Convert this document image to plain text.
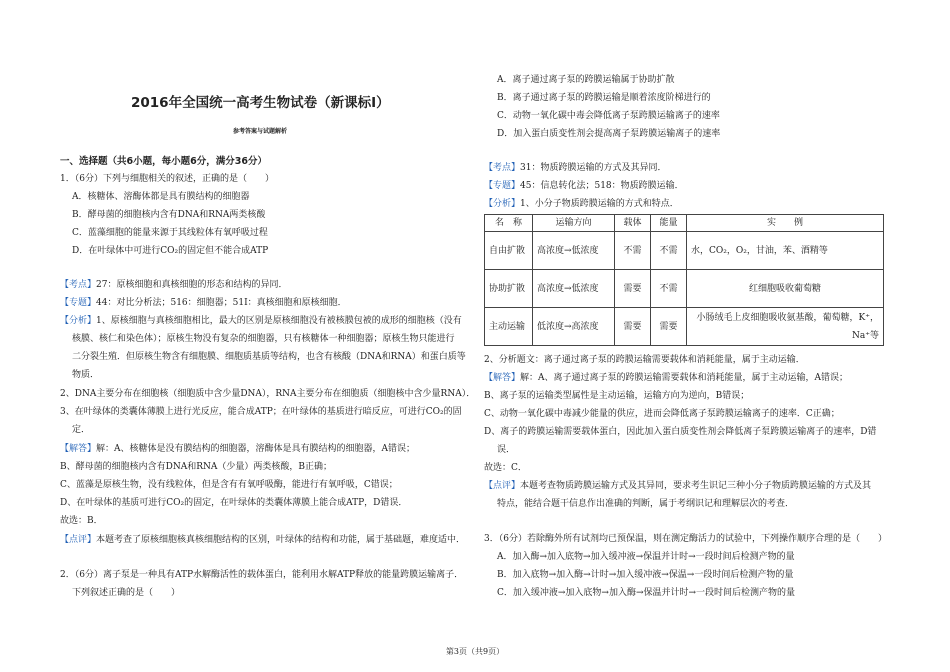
2016年全国统一高考生物试卷（新课标Ⅰ）
参考答案与试题解析
一、选择题（共6小题，每小题6分，满分36分）
1．（6分）下列与细胞相关的叙述，正确的是（　　）
A．核糖体、溶酶体都是具有膜结构的细胞器
B．酵母菌的细胞核内含有DNA和RNA两类核酸
C．蓝藻细胞的能量来源于其线粒体有氧呼吸过程
D．在叶绿体中可进行CO₂的固定但不能合成ATP
【考点】27：原核细胞和真核细胞的形态和结构的异同．
【专题】44：对比分析法；516：细胞器；51I：真核细胞和原核细胞．
【分析】1、原核细胞与真核细胞相比，最大的区别是原核细胞没有被核膜包被的成形的细胞核（没有
核膜、核仁和染色体）；原核生物没有复杂的细胞器，只有核糖体一种细胞器；原核生物只能进行
二分裂生殖．但原核生物含有细胞膜、细胞质基质等结构，也含有核酸（DNA和RNA）和蛋白质等
物质．
2、DNA主要分布在细胞核（细胞质中含少量DNA），RNA主要分布在细胞质（细胞核中含少量RNA）．
3、在叶绿体的类囊体薄膜上进行光反应，能合成ATP；在叶绿体的基质进行暗反应，可进行CO₂的固
定．
【解答】解：A、核糖体是没有膜结构的细胞器，溶酶体是具有膜结构的细胞器，A错误；
B、酵母菌的细胞核内含有DNA和RNA（少量）两类核酸，B正确；
C、蓝藻是原核生物，没有线粒体，但是含有有氧呼吸酶，能进行有氧呼吸，C错误；
D、在叶绿体的基质可进行CO₂的固定，在叶绿体的类囊体薄膜上能合成ATP，D错误．
故选：B．
【点评】本题考查了原核细胞核真核细胞结构的区别，叶绿体的结构和功能，属于基础题，难度适中．
2．（6分）离子泵是一种具有ATP水解酶活性的载体蛋白，能利用水解ATP释放的能量跨膜运输离子．
下列叙述正确的是（　　）
A．离子通过离子泵的跨膜运输属于协助扩散
B．离子通过离子泵的跨膜运输是顺着浓度阶梯进行的
C．动物一氧化碳中毒会降低离子泵跨膜运输离子的速率
D．加入蛋白质变性剂会提高离子泵跨膜运输离子的速率
【考点】31：物质跨膜运输的方式及其异同．
【专题】45：信息转化法；518：物质跨膜运输．
【分析】1、小分子物质跨膜运输的方式和特点．
名　称	运输方向	载体	能量	实　　例
自由扩散	高浓度→低浓度	不需	不需	水，CO₂，O₂，甘油，苯、酒精等
协助扩散	高浓度→低浓度	需要	不需	红细胞吸收葡萄糖
主动运输	低浓度→高浓度	需要	需要	小肠绒毛上皮细胞吸收氨基酸，葡萄糖，K⁺，Na⁺等
2、分析题文：离子通过离子泵的跨膜运输需要载体和消耗能量，属于主动运输．
【解答】解：A、离子通过离子泵的跨膜运输需要载体和消耗能量，属于主动运输，A错误；
B、离子泵的运输类型属性是主动运输，运输方向为逆向，B错误；
C、动物一氧化碳中毒减少能量的供应，进而会降低离子泵跨膜运输离子的速率．C正确；
D、离子的跨膜运输需要载体蛋白，因此加入蛋白质变性剂会降低离子泵跨膜运输离子的速率，D错
误．
故选：C．
【点评】本题考查物质跨膜运输方式及其异同，要求考生识记三种小分子物质跨膜运输的方式及其
特点，能结合题干信息作出准确的判断，属于考纲识记和理解层次的考查．
3．（6分）若除酶外所有试剂均已预保温，则在测定酶活力的试验中，下列操作顺序合理的是（　　）
A．加入酶→加入底物→加入缓冲液→保温并计时→一段时间后检测产物的量
B．加入底物→加入酶→计时→加入缓冲液→保温→一段时间后检测产物的量
C．加入缓冲液→加入底物→加入酶→保温并计时→一段时间后检测产物的量
第3页（共9页）
